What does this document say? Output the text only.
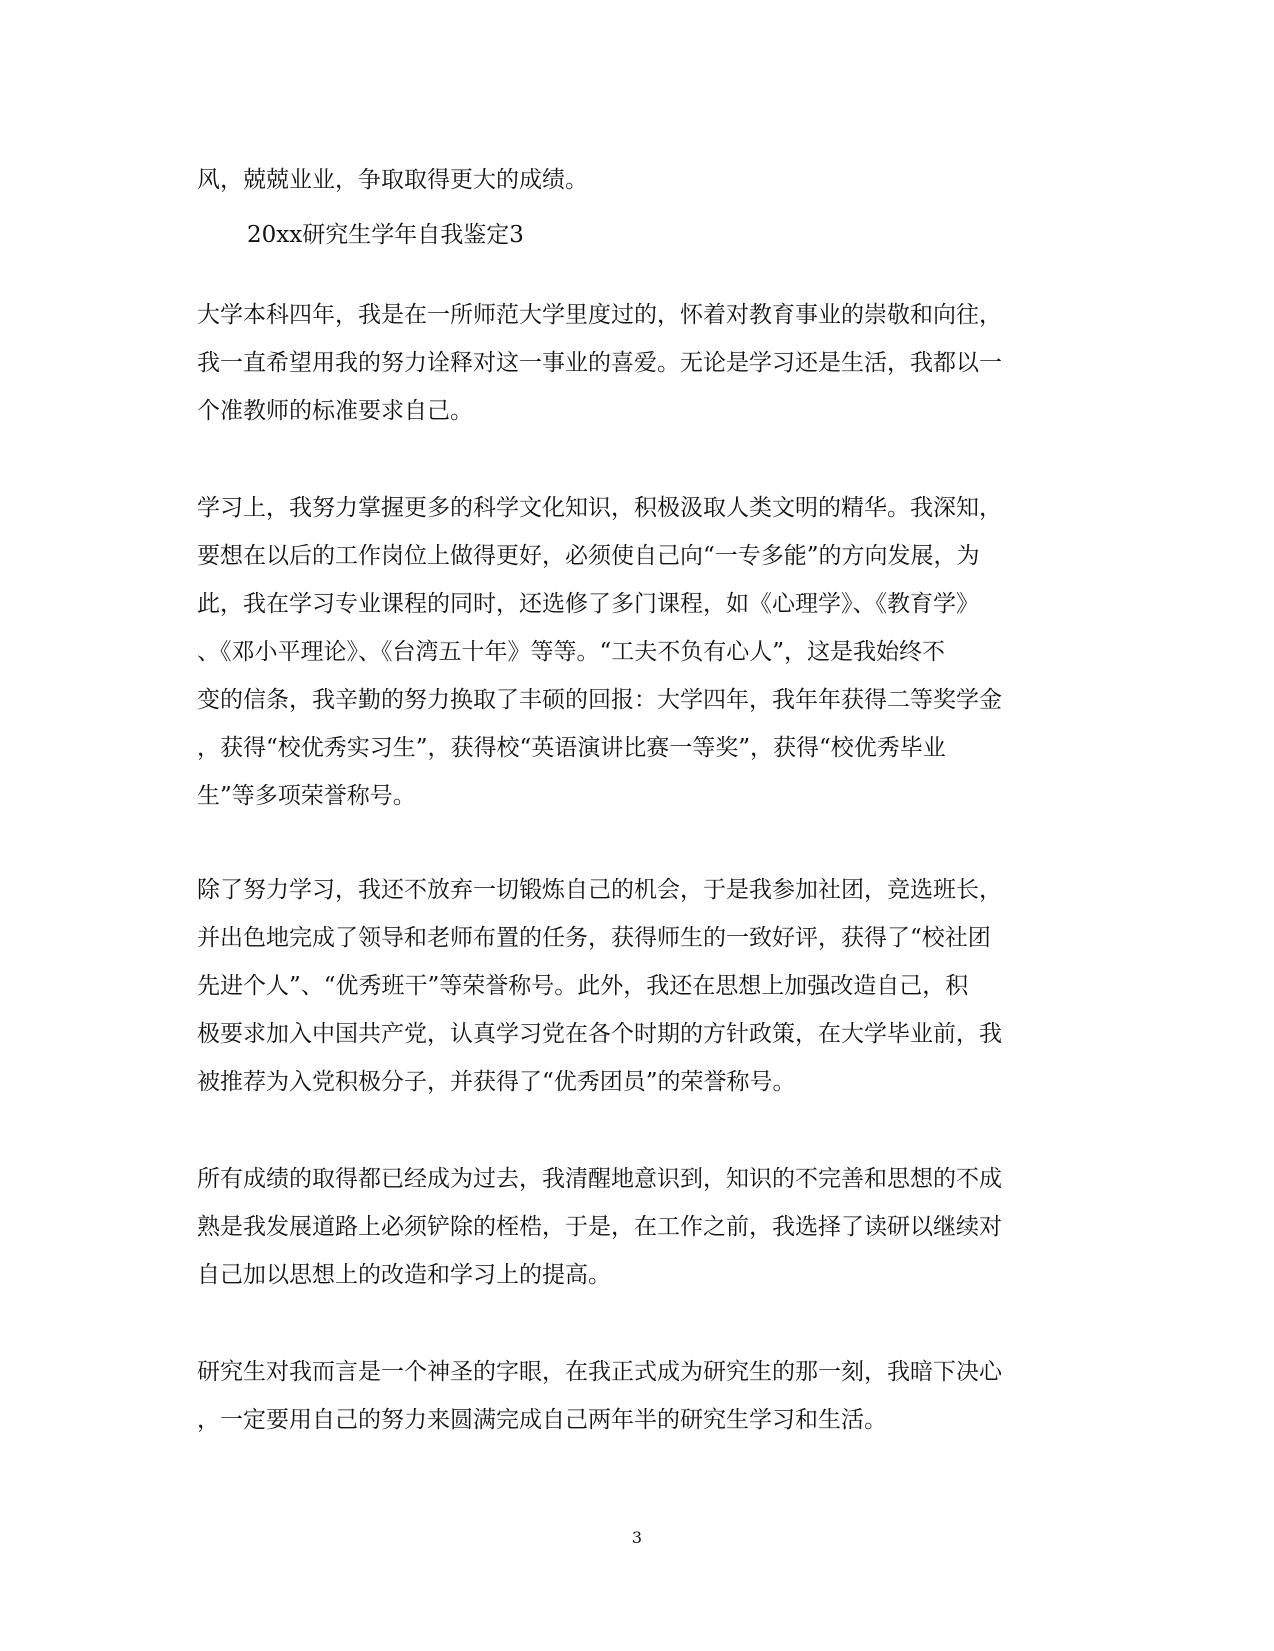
风，兢兢业业，争取取得更大的成绩。
20xx研究生学年自我鉴定3
大学本科四年，我是在一所师范大学里度过的，怀着对教育事业的崇敬和向往，
我一直希望用我的努力诠释对这一事业的喜爱。无论是学习还是生活，我都以一
个准教师的标准要求自己。
学习上，我努力掌握更多的科学文化知识，积极汲取人类文明的精华。我深知，
要想在以后的工作岗位上做得更好，必须使自己向“一专多能”的方向发展，为
此，我在学习专业课程的同时，还选修了多门课程，如《心理学》、《教育学》
、《邓小平理论》、《台湾五十年》等等。“工夫不负有心人”，这是我始终不
变的信条，我辛勤的努力换取了丰硕的回报：大学四年，我年年获得二等奖学金
，获得“校优秀实习生”，获得校“英语演讲比赛一等奖”，获得“校优秀毕业
生”等多项荣誉称号。
除了努力学习，我还不放弃一切锻炼自己的机会，于是我参加社团，竞选班长，
并出色地完成了领导和老师布置的任务，获得师生的一致好评，获得了“校社团
先进个人”、“优秀班干”等荣誉称号。此外，我还在思想上加强改造自己，积
极要求加入中国共产党，认真学习党在各个时期的方针政策，在大学毕业前，我
被推荐为入党积极分子，并获得了“优秀团员”的荣誉称号。
所有成绩的取得都已经成为过去，我清醒地意识到，知识的不完善和思想的不成
熟是我发展道路上必须铲除的桎梏，于是，在工作之前，我选择了读研以继续对
自己加以思想上的改造和学习上的提高。
研究生对我而言是一个神圣的字眼，在我正式成为研究生的那一刻，我暗下决心
，一定要用自己的努力来圆满完成自己两年半的研究生学习和生活。
3
